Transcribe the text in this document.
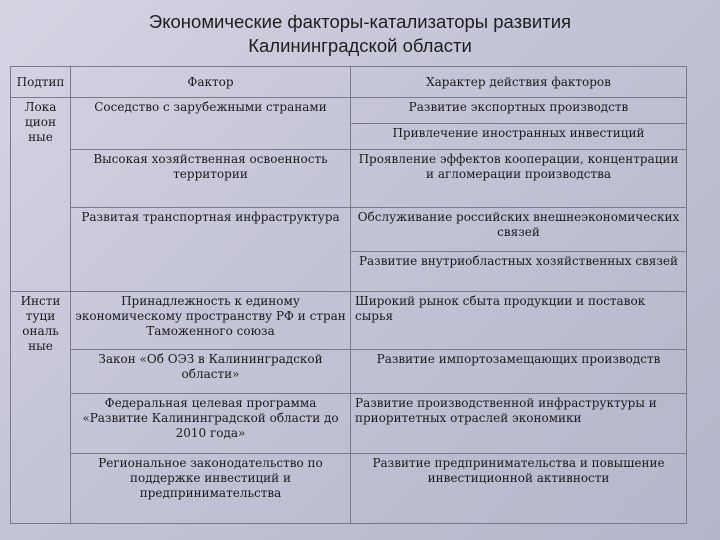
Экономические факторы-катализаторы развития
Калининградской области
Подтип	Фактор	Характер действия факторов
Лока
цион
ные	Соседство с зарубежными странами	Развитие экспортных производств
		Привлечение иностранных инвестиций
	Высокая хозяйственная освоенность территории	Проявление эффектов кооперации, концентрации и агломерации производства
	Развитая транспортная инфраструктура	Обслуживание российских внешнеэкономических связей
		Развитие внутриобластных хозяйственных связей

Инсти
туци
ональ
ные	Принадлежность к единому экономическому пространству РФ и стран Таможенного союза	Широкий рынок сбыта продукции и поставок сырья
	Закон «Об ОЭЗ в Калининградской области»	Развитие импортозамещающих производств
	Федеральная целевая программа «Развитие Калининградской области до 2010 года»	Развитие производственной инфраструктуры и приоритетных отраслей экономики
	Региональное законодательство по поддержке инвестиций и предпринимательства	Развитие предпринимательства и повышение инвестиционной активности
